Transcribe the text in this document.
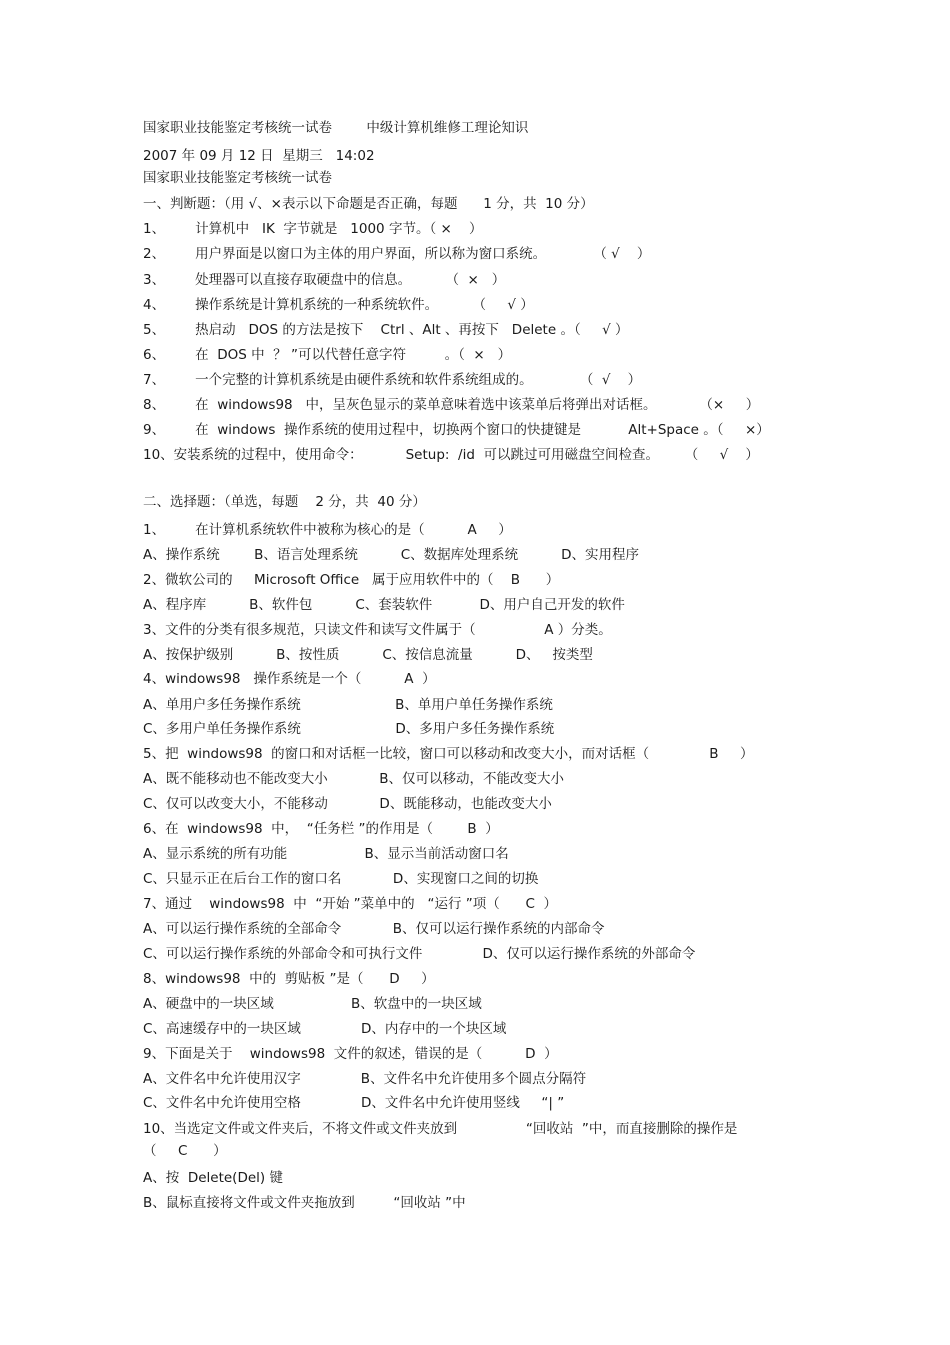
国家职业技能鉴定考核统一试卷        中级计算机维修工理论知识
2007 年 09 月 12 日  星期三   14:02
国家职业技能鉴定考核统一试卷
一、判断题：（用 √、×表示以下命题是否正确，每题      1 分，共  10 分）
1、       计算机中   IK  字节就是   1000 字节。（ ×    ）
2、       用户界面是以窗口为主体的用户界面，所以称为窗口系统。           （ √    ）
3、       处理器可以直接存取硬盘中的信息。        （  ×   ）
4、       操作系统是计算机系统的一种系统软件。        （     √ ）
5、       热启动   DOS 的方法是按下    Ctrl 、Alt 、再按下   Delete 。（     √ ）
6、       在  DOS 中  ？ ”可以代替任意字符         。（  ×   ）
7、       一个完整的计算机系统是由硬件系统和软件系统组成的。           （  √    ）
8、       在  windows98   中，呈灰色显示的菜单意味着选中该菜单后将弹出对话框。          （×     ）
9、       在  windows  操作系统的使用过程中，切换两个窗口的快捷键是           Alt+Space 。（     ×）
10、安装系统的过程中，使用命令：          Setup:  /id  可以跳过可用磁盘空间检查。      （     √    ）
二、选择题：（单选，每题    2 分，共  40 分）
1、       在计算机系统软件中被称为核心的是（          A     ）
A、操作系统        B、语言处理系统          C、数据库处理系统          D、实用程序
2、微软公司的     Microsoft Office   属于应用软件中的（    B      ）
A、程序库          B、软件包          C、套装软件           D、用户自己开发的软件
3、文件的分类有很多规范，只读文件和读写文件属于（                A ）分类。
A、按保护级别          B、按性质          C、按信息流量          D、   按类型
4、windows98   操作系统是一个（          A  ）
A、单用户多任务操作系统                      B、单用户单任务操作系统
C、多用户单任务操作系统                      D、多用户多任务操作系统
5、把  windows98  的窗口和对话框一比较，窗口可以移动和改变大小，而对话框（              B     ）
A、既不能移动也不能改变大小            B、仅可以移动，不能改变大小
C、仅可以改变大小，不能移动            D、既能移动，也能改变大小
6、在  windows98  中，  “任务栏 ”的作用是（        B  ）
A、显示系统的所有功能                  B、显示当前活动窗口名
C、只显示正在后台工作的窗口名            D、实现窗口之间的切换
7、通过    windows98  中  “开始 ”菜单中的   “运行 ”项（      C  ）
A、可以运行操作系统的全部命令            B、仅可以运行操作系统的内部命令
C、可以运行操作系统的外部命令和可执行文件              D、仅可以运行操作系统的外部命令
8、windows98  中的  剪贴板 ”是（      D     ）
A、硬盘中的一块区域                  B、软盘中的一块区域
C、高速缓存中的一块区域              D、内存中的一个块区域
9、下面是关于    windows98  文件的叙述，错误的是（          D  ）
A、文件名中允许使用汉字              B、文件名中允许使用多个圆点分隔符
C、文件名中允许使用空格              D、文件名中允许使用竖线     “| ”
10、当选定文件或文件夹后，不将文件或文件夹放到                “回收站  ”中，而直接删除的操作是
（     C      ）
A、按  Delete(Del) 键
B、鼠标直接将文件或文件夹拖放到         “回收站 ”中
